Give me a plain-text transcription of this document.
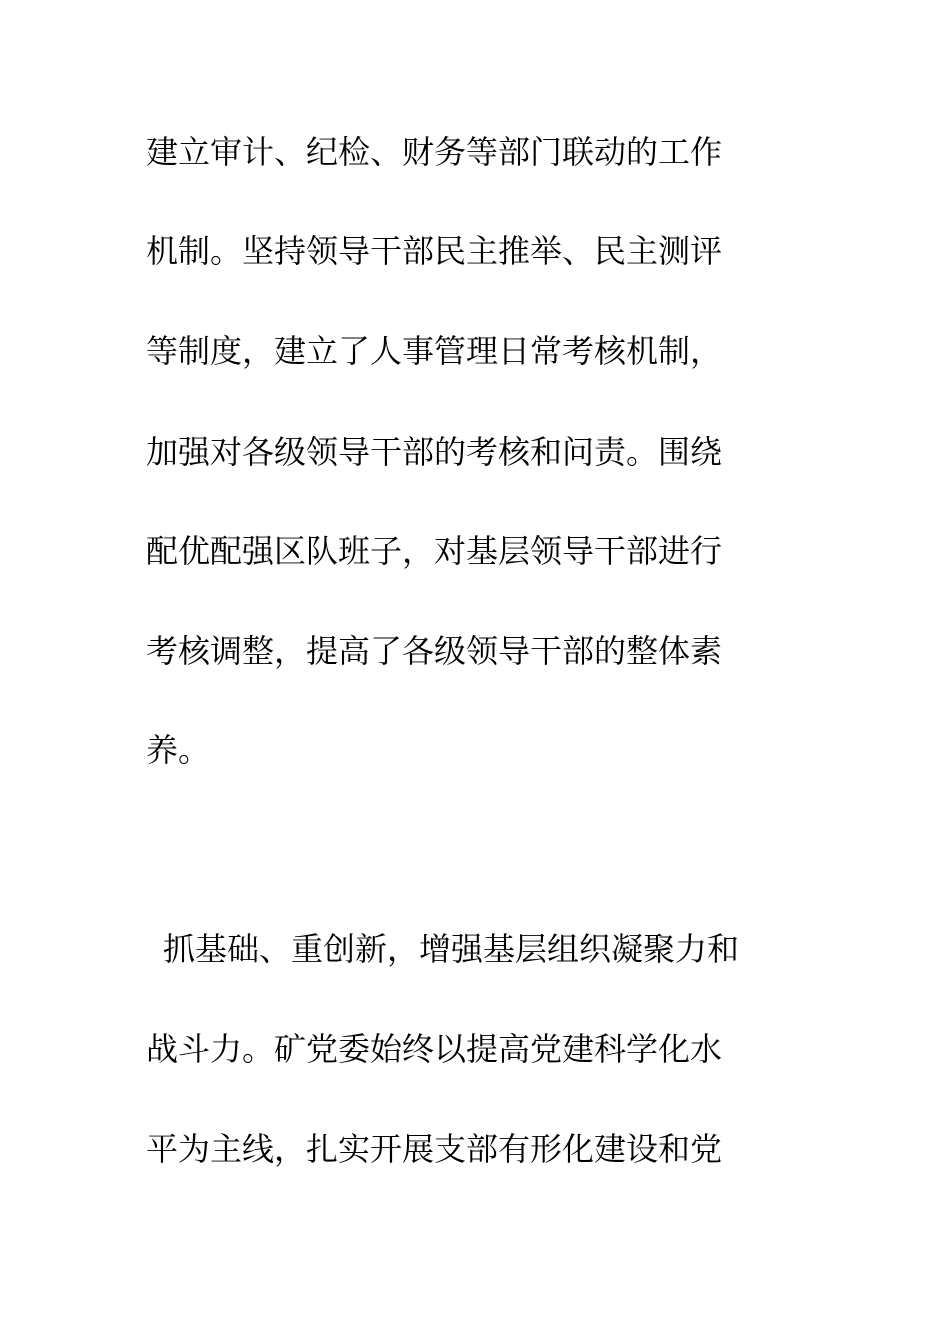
建立审计、纪检、财务等部门联动的工作
机制。坚持领导干部民主推举、民主测评
等制度，建立了人事管理日常考核机制，
加强对各级领导干部的考核和问责。围绕
配优配强区队班子，对基层领导干部进行
考核调整，提高了各级领导干部的整体素
养。
抓基础、重创新，增强基层组织凝聚力和
战斗力。矿党委始终以提高党建科学化水
平为主线，扎实开展支部有形化建设和党
